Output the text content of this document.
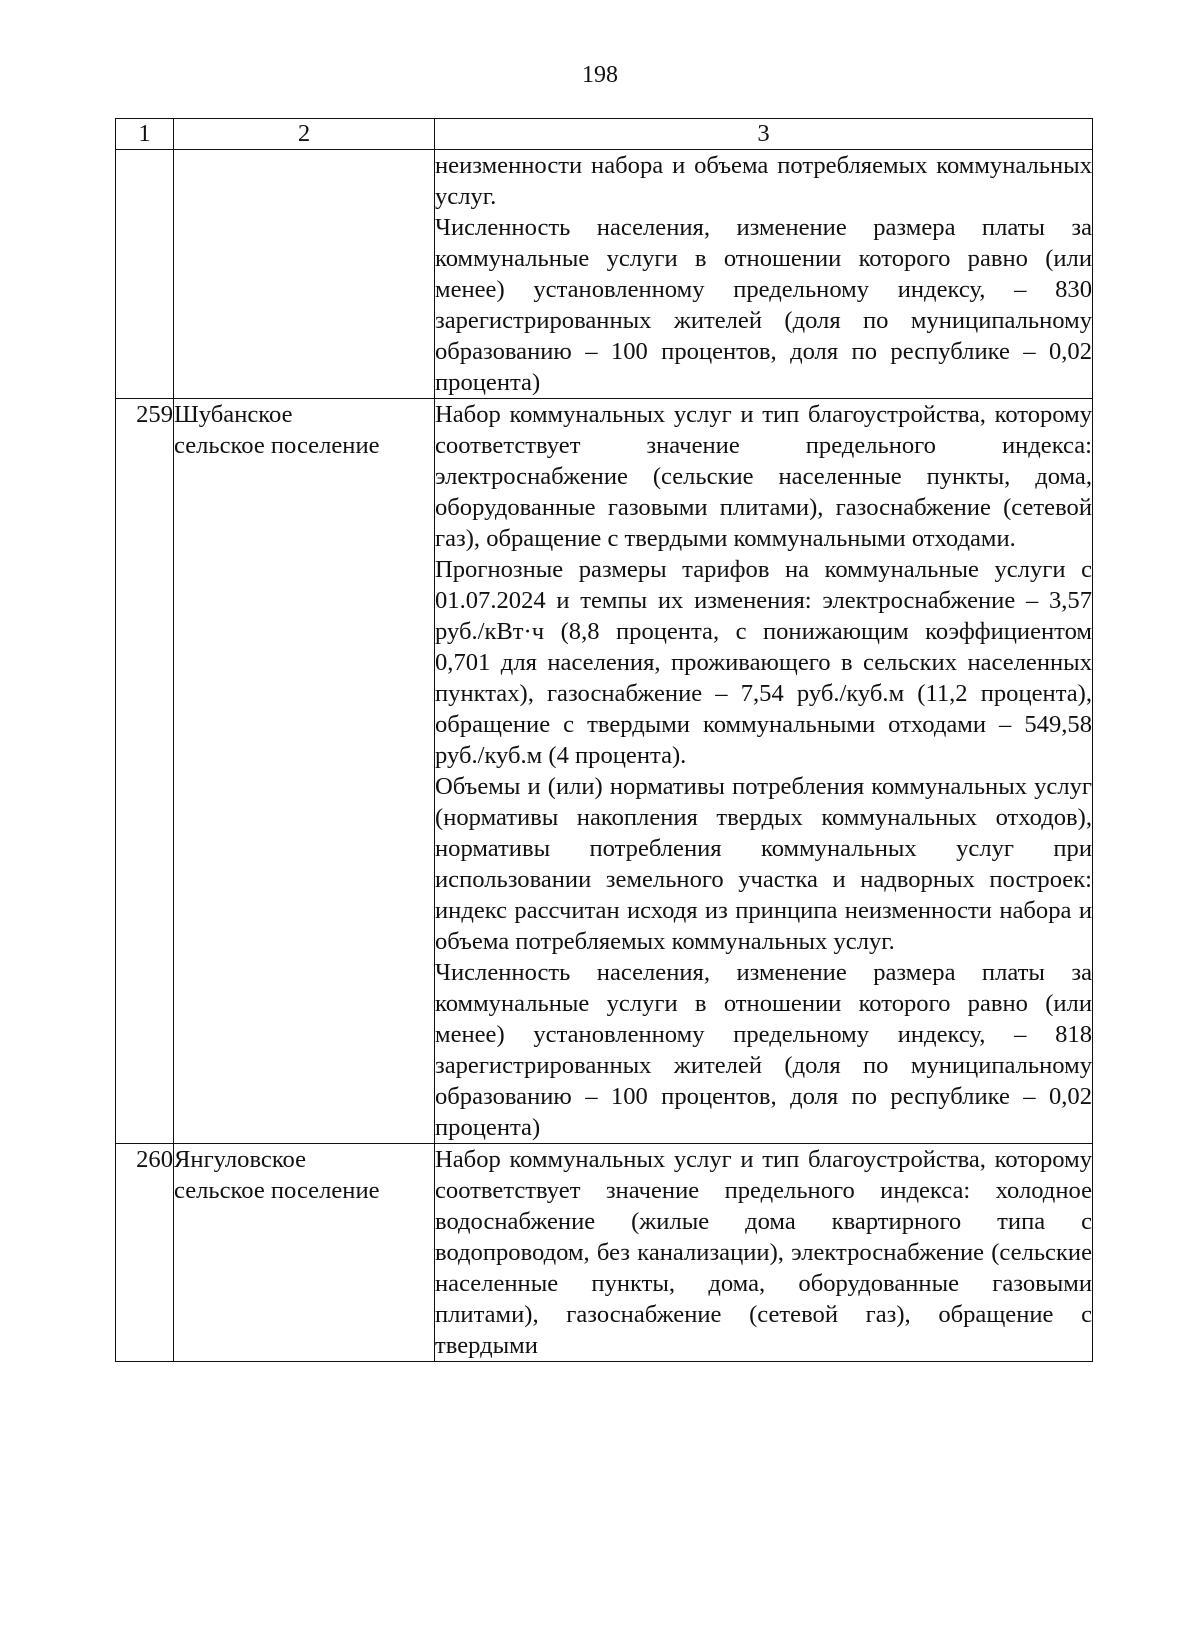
198
1	2	3

		неизменности набора и объема потребляемых коммунальных услуг.
Численность населения, изменение размера платы за коммунальные услуги в отношении которого равно (или менее) установленному предельному индексу, – 830 зарегистрированных жителей (доля по муниципальному образованию – 100 процентов, доля по республике – 0,02 процента)

259	Шубанское
сельское поселение	Набор коммунальных услуг и тип благоустройства, которому соответствует значение предельного индекса: электроснабжение (сельские населенные пункты, дома, оборудованные газовыми плитами), газоснабжение (сетевой газ), обращение с твердыми коммунальными отходами.
Прогнозные размеры тарифов на коммунальные услуги с 01.07.2024 и темпы их изменения: электроснабжение – 3,57 руб./кВт·ч (8,8 процента, с понижающим коэффициентом 0,701 для населения, проживающего в сельских населенных пунктах), газоснабжение – 7,54 руб./куб.м (11,2 процента), обращение с твердыми коммунальными отходами – 549,58 руб./куб.м (4 процента).
Объемы и (или) нормативы потребления коммунальных услуг (нормативы накопления твердых коммунальных отходов), нормативы потребления коммунальных услуг при использовании земельного участка и надворных построек: индекс рассчитан исходя из принципа неизменности набора и объема потребляемых коммунальных услуг.
Численность населения, изменение размера платы за коммунальные услуги в отношении которого равно (или менее) установленному предельному индексу, – 818 зарегистрированных жителей (доля по муниципальному образованию – 100 процентов, доля по республике – 0,02 процента)

260	Янгуловское
сельское поселение	Набор коммунальных услуг и тип благоустройства, которому соответствует значение предельного индекса: холодное водоснабжение (жилые дома квартирного типа с водопроводом, без канализации), электроснабжение (сельские населенные пункты, дома, оборудованные газовыми плитами), газоснабжение (сетевой газ), обращение с твердыми
